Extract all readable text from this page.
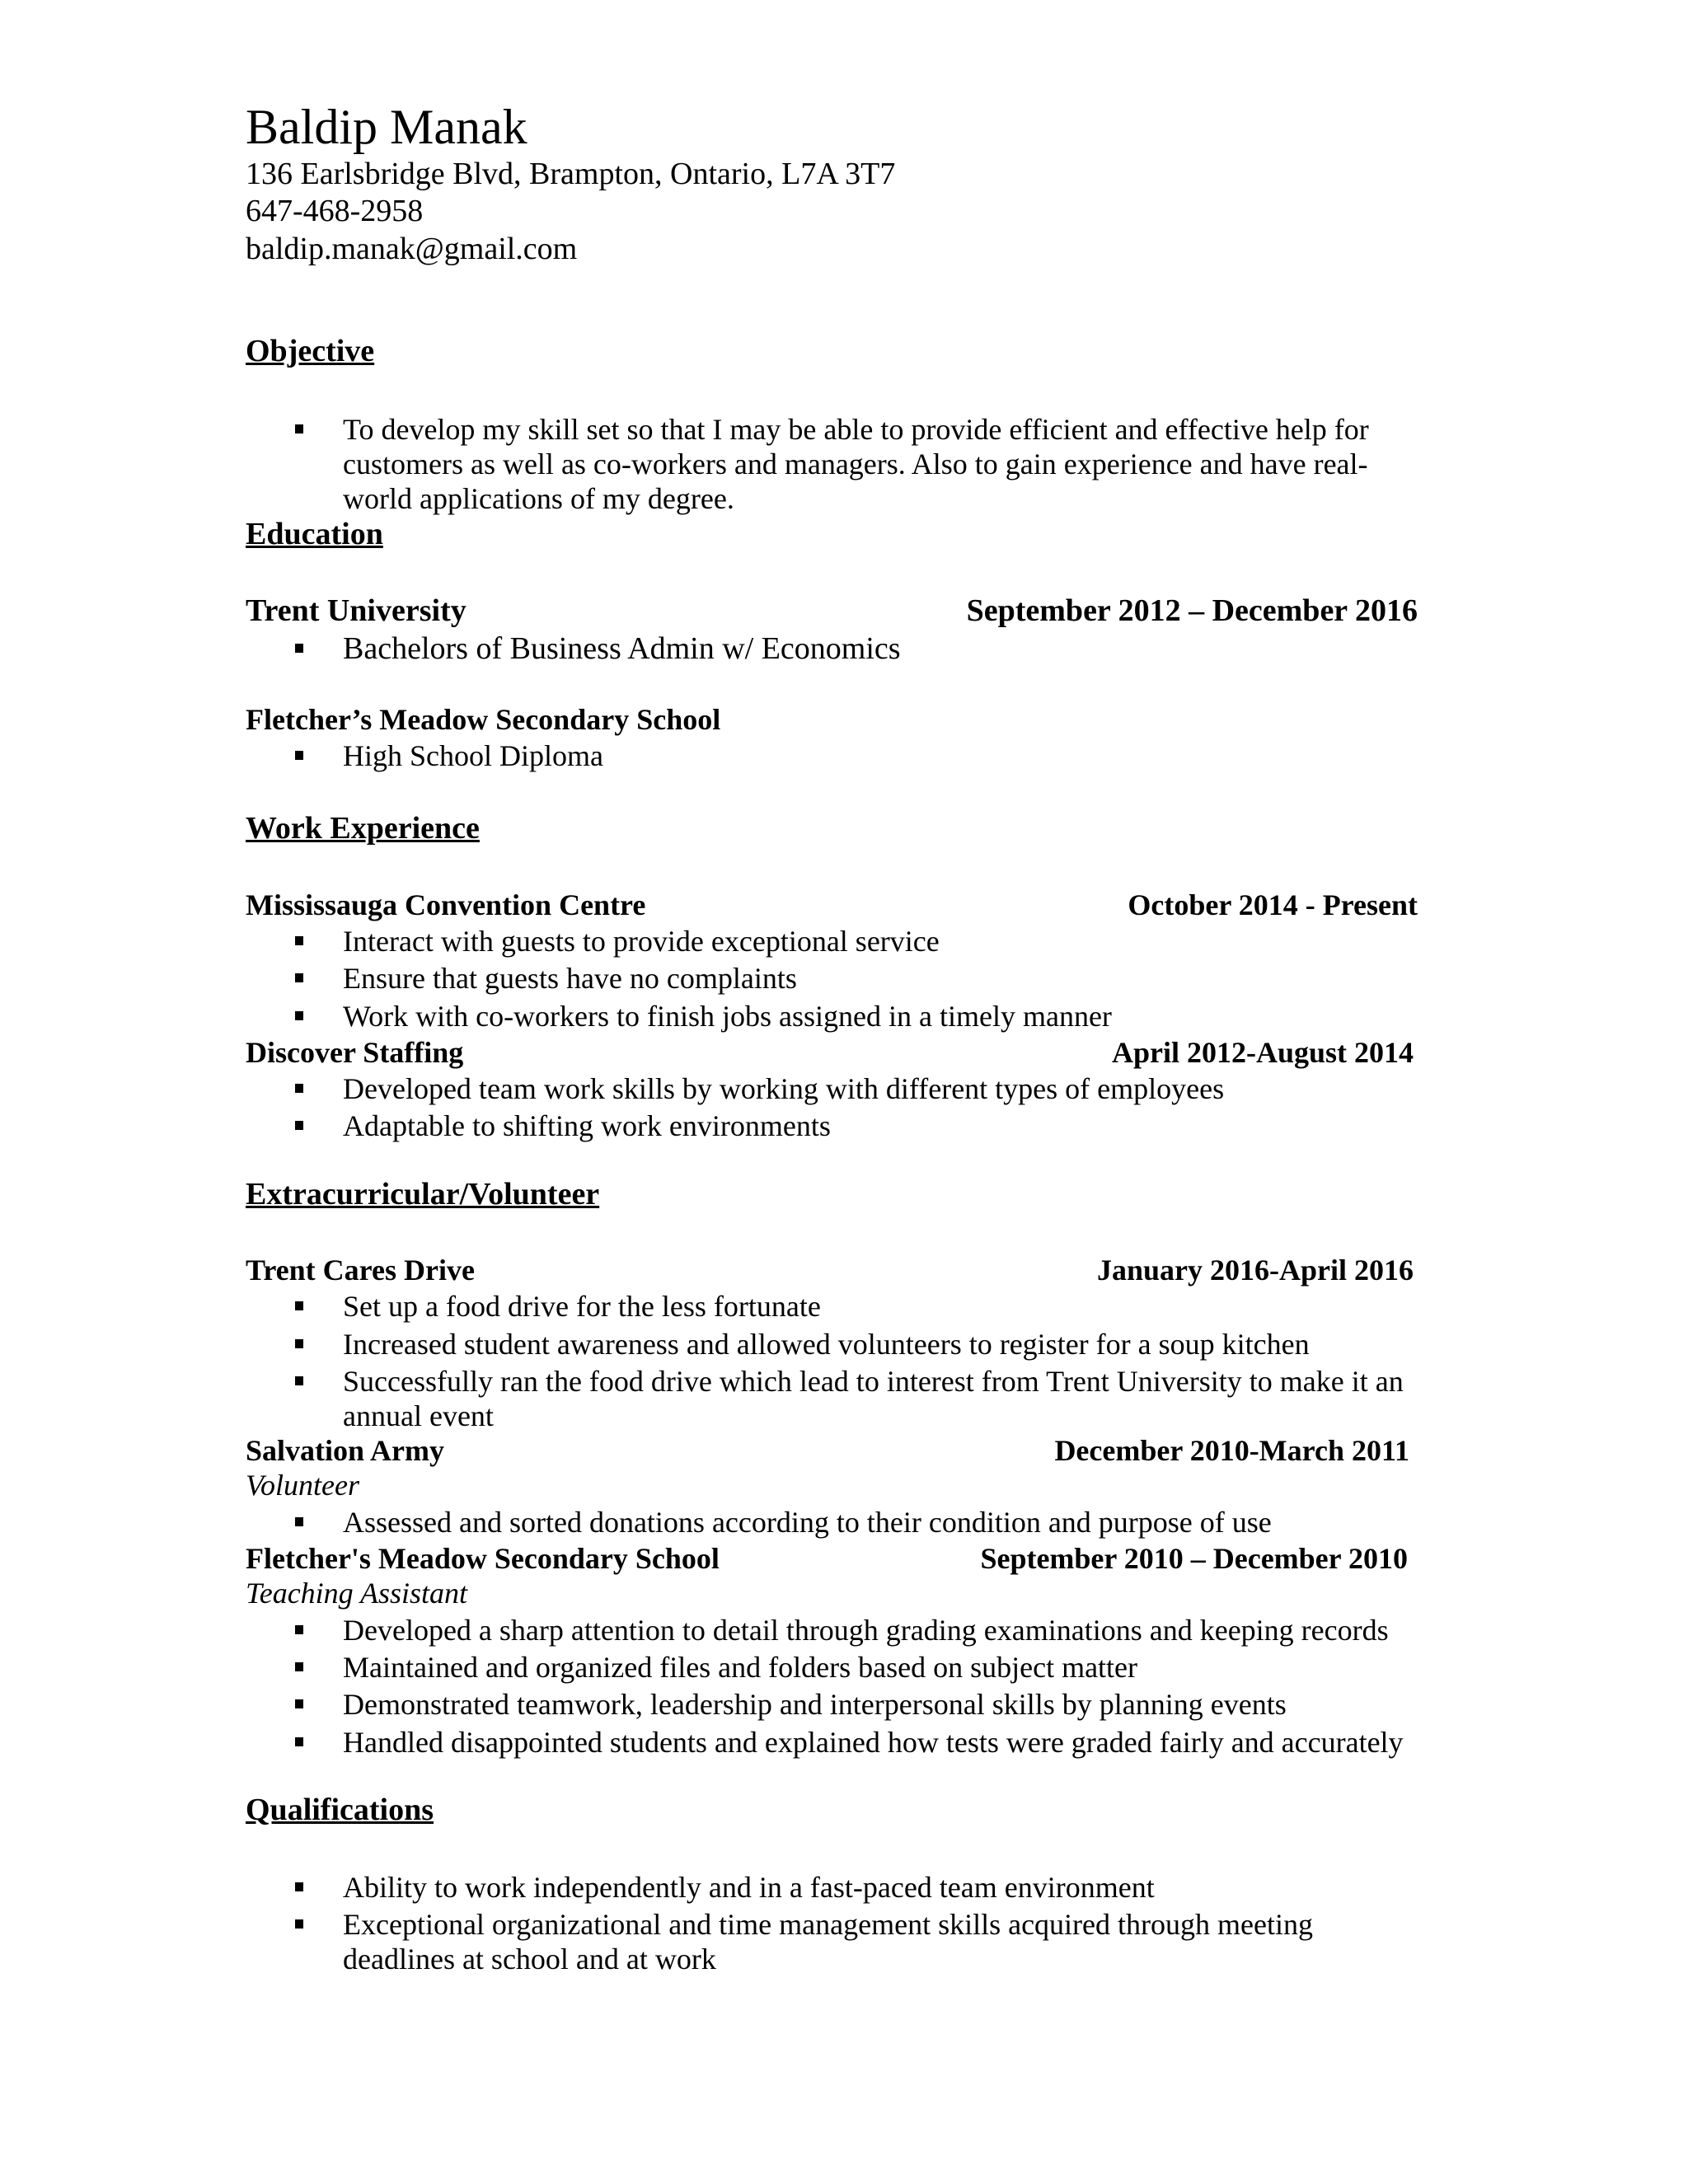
Baldip Manak
136 Earlsbridge Blvd, Brampton, Ontario, L7A 3T7
647-468-2958
baldip.manak@gmail.com
Objective
To develop my skill set so that I may be able to provide efficient and effective help for customers as well as co-workers and managers. Also to gain experience and have real-world applications of my degree.
Education
Trent University	September 2012 – December 2016
Bachelors of Business Admin w/ Economics
Fletcher’s Meadow Secondary School
High School Diploma
Work Experience
Mississauga Convention Centre	October 2014 - Present
Interact with guests to provide exceptional service
Ensure that guests have no complaints
Work with co-workers to finish jobs assigned in a timely manner
Discover Staffing	April 2012-August 2014
Developed team work skills by working with different types of employees
Adaptable to shifting work environments
Extracurricular/Volunteer
Trent Cares Drive	January 2016-April 2016
Set up a food drive for the less fortunate
Increased student awareness and allowed volunteers to register for a soup kitchen
Successfully ran the food drive which lead to interest from Trent University to make it an annual event
Salvation Army	December 2010-March 2011
Volunteer
Assessed and sorted donations according to their condition and purpose of use
Fletcher's Meadow Secondary School	September 2010 – December 2010
Teaching Assistant
Developed a sharp attention to detail through grading examinations and keeping records
Maintained and organized files and folders based on subject matter
Demonstrated teamwork, leadership and interpersonal skills by planning events
Handled disappointed students and explained how tests were graded fairly and accurately
Qualifications
Ability to work independently and in a fast-paced team environment
Exceptional organizational and time management skills acquired through meeting deadlines at school and at work
